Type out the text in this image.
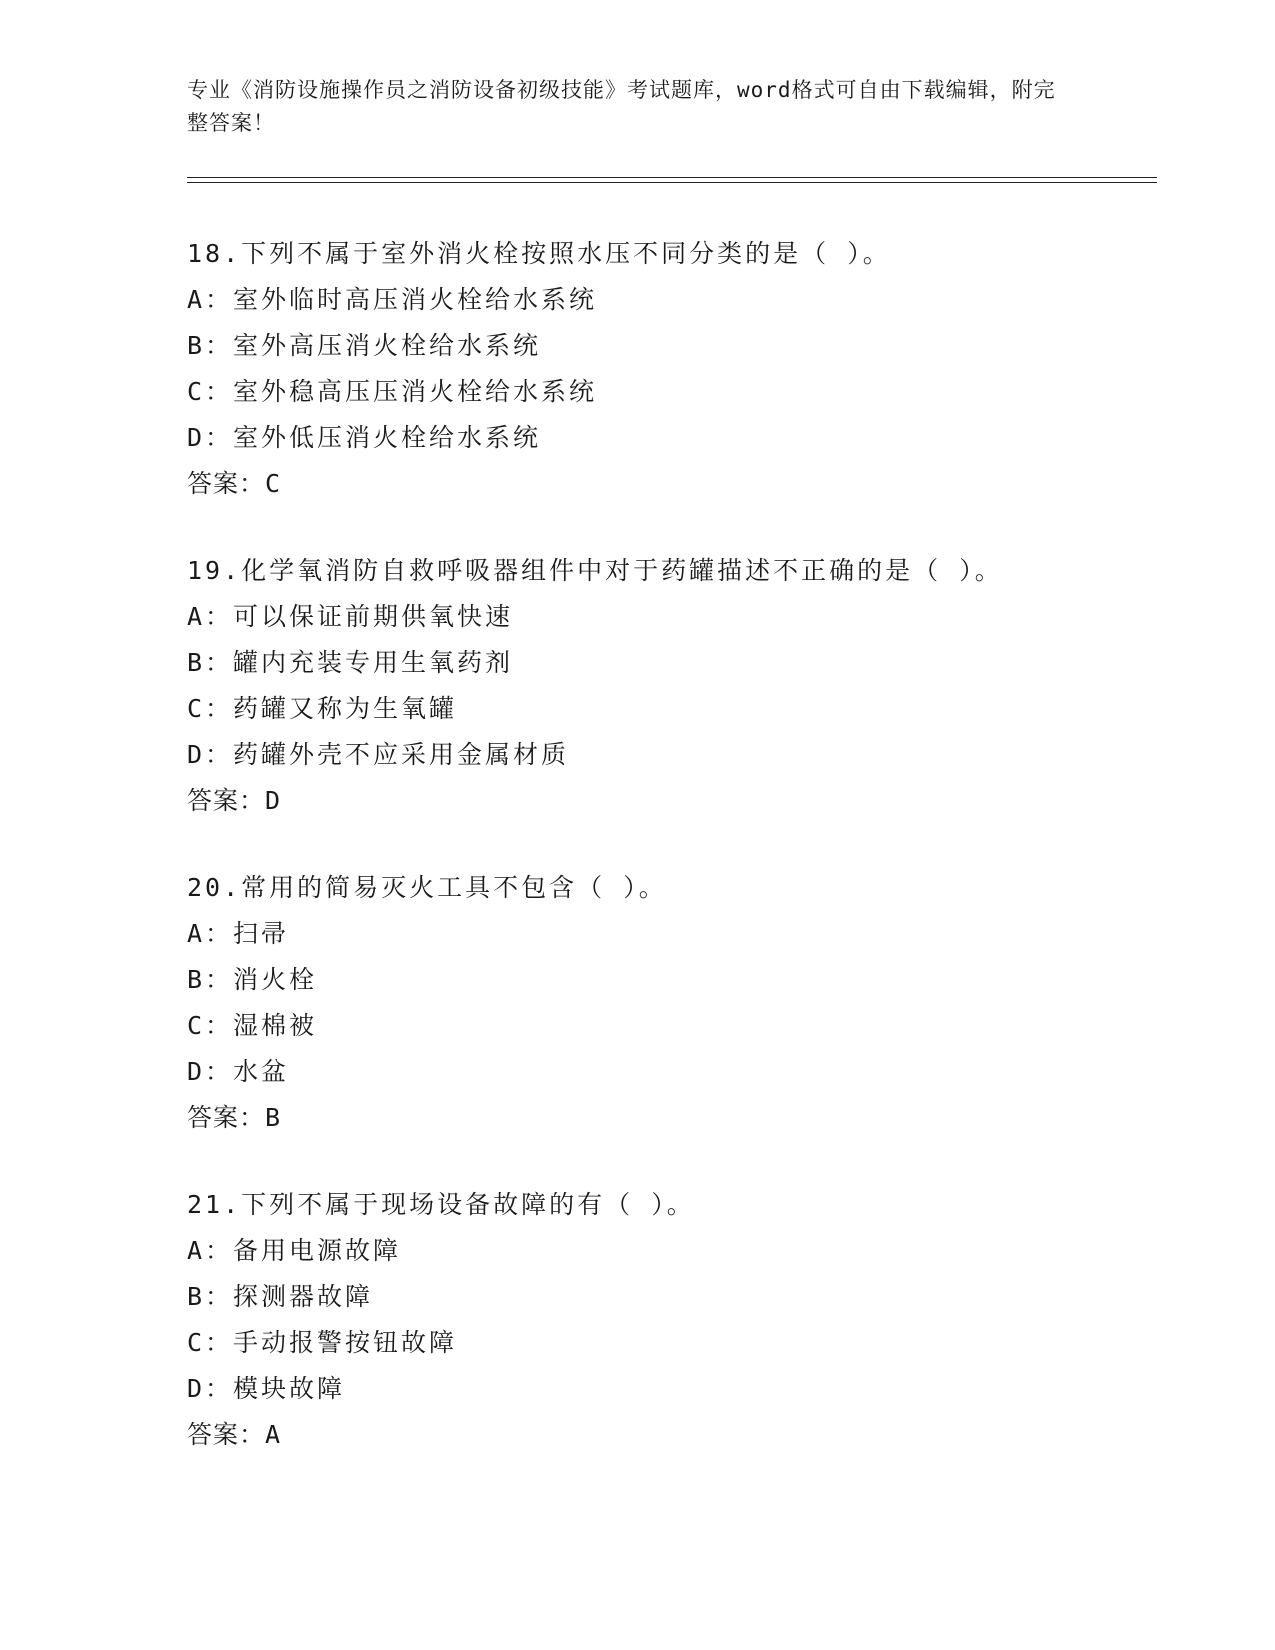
专业《消防设施操作员之消防设备初级技能》考试题库，word格式可自由下载编辑，附完整答案！
18.下列不属于室外消火栓按照水压不同分类的是（ ）。
A：室外临时高压消火栓给水系统
B：室外高压消火栓给水系统
C：室外稳高压压消火栓给水系统
D：室外低压消火栓给水系统
答案：C
19.化学氧消防自救呼吸器组件中对于药罐描述不正确的是（ ）。
A：可以保证前期供氧快速
B：罐内充装专用生氧药剂
C：药罐又称为生氧罐
D：药罐外壳不应采用金属材质
答案：D
20.常用的简易灭火工具不包含（ ）。
A：扫帚
B：消火栓
C：湿棉被
D：水盆
答案：B
21.下列不属于现场设备故障的有（ ）。
A：备用电源故障
B：探测器故障
C：手动报警按钮故障
D：模块故障
答案：A
